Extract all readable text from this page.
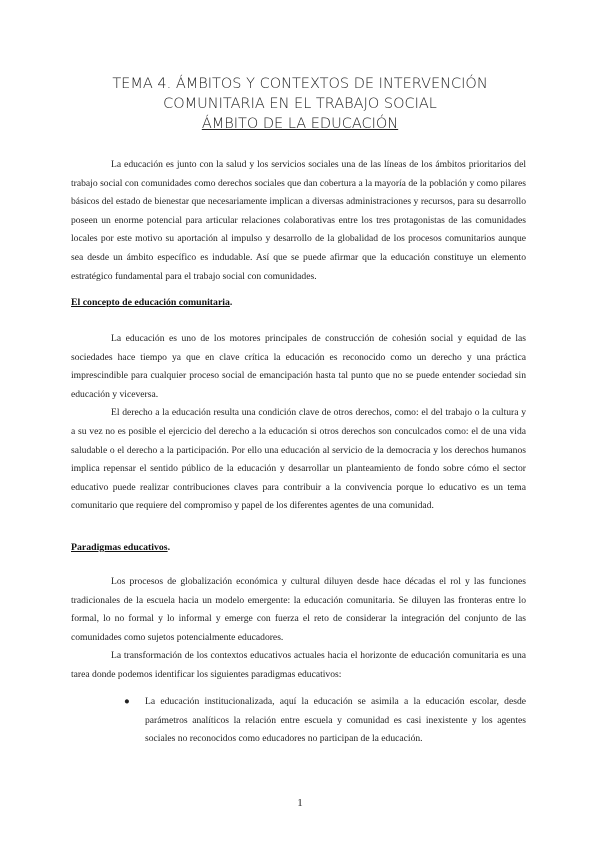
TEMA 4. ÁMBITOS Y CONTEXTOS DE INTERVENCIÓN
COMUNITARIA EN EL TRABAJO SOCIAL
ÁMBITO DE LA EDUCACIÓN

La educación es junto con la salud y los servicios sociales una de las líneas de los ámbitos prioritarios del trabajo social con comunidades como derechos sociales que dan cobertura a la mayoría de la población y como pilares básicos del estado de bienestar que necesariamente implican a diversas administraciones y recursos, para su desarrollo poseen un enorme potencial para articular relaciones colaborativas entre los tres protagonistas de las comunidades locales por este motivo su aportación al impulso y desarrollo de la globalidad de los procesos comunitarios aunque sea desde un ámbito específico es indudable. Así que se puede afirmar que la educación constituye un elemento estratégico fundamental para el trabajo social con comunidades.

El concepto de educación comunitaria.

La educación es uno de los motores principales de construcción de cohesión social y equidad de las sociedades hace tiempo ya que en clave crítica la educación es reconocido como un derecho y una práctica imprescindible para cualquier proceso social de emancipación hasta tal punto que no se puede entender sociedad sin educación y viceversa.

El derecho a la educación resulta una condición clave de otros derechos, como: el del trabajo o la cultura y a su vez no es posible el ejercicio del derecho a la educación si otros derechos son conculcados como: el de una vida saludable o el derecho a la participación. Por ello una educación al servicio de la democracia y los derechos humanos implica repensar el sentido público de la educación y desarrollar un planteamiento de fondo sobre cómo el sector educativo puede realizar contribuciones claves para contribuir a la convivencia porque lo educativo es un tema comunitario que requiere del compromiso y papel de los diferentes agentes de una comunidad.

Paradigmas educativos.

Los procesos de globalización económica y cultural diluyen desde hace décadas el rol y las funciones tradicionales de la escuela hacia un modelo emergente: la educación comunitaria. Se diluyen las fronteras entre lo formal, lo no formal y lo informal y emerge con fuerza el reto de considerar la integración del conjunto de las comunidades como sujetos potencialmente educadores.

La transformación de los contextos educativos actuales hacia el horizonte de educación comunitaria es una tarea donde podemos identificar los siguientes paradigmas educativos:

● La educación institucionalizada, aquí la educación se asimila a la educación escolar, desde parámetros analíticos la relación entre escuela y comunidad es casi inexistente y los agentes sociales no reconocidos como educadores no participan de la educación.
1
